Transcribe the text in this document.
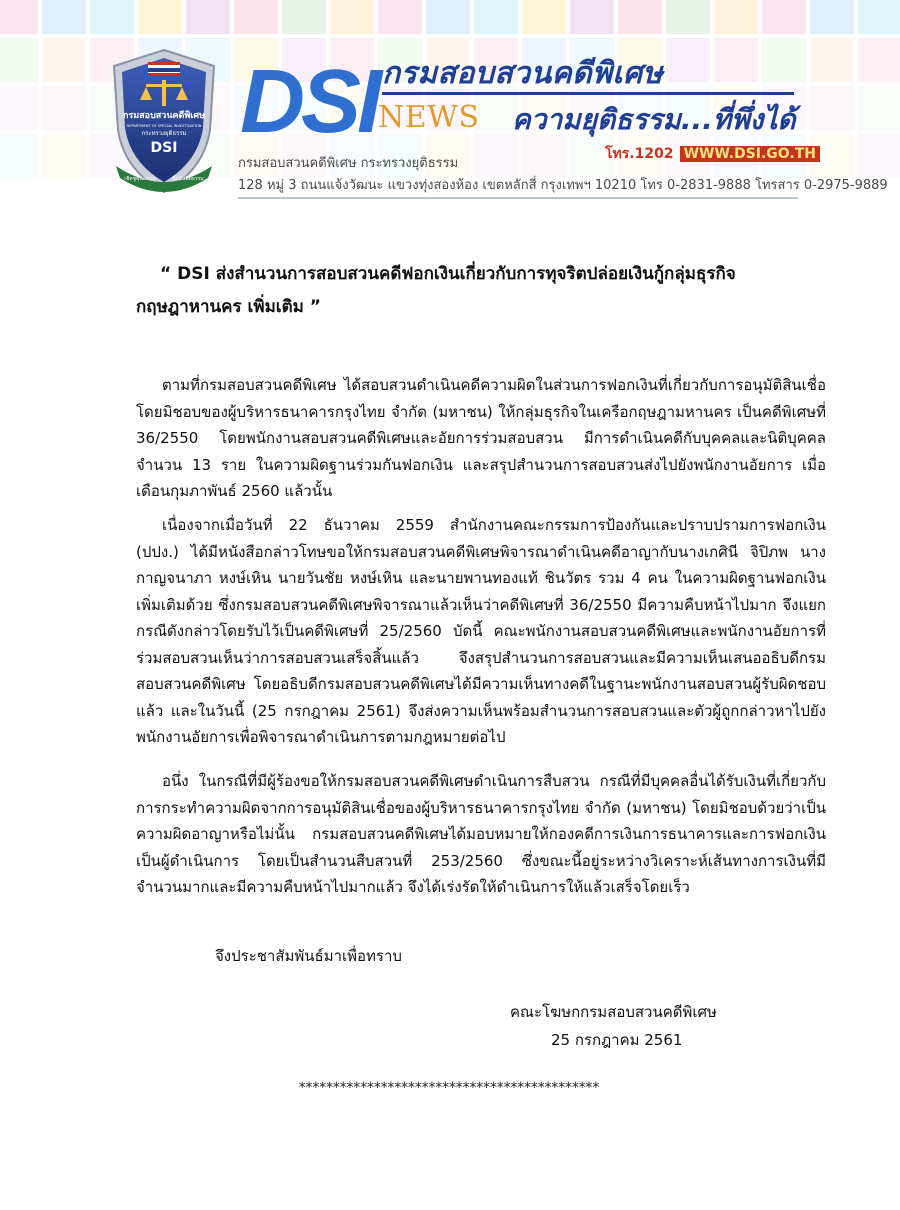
กรมสอบสวนคดีพิเศษ
DEPARTMENT OF SPECIAL INVESTIGATION
กระทรวงยุติธรรม
DSI
เชิดชูคุณธรรม	ยึดมั่นนิติธรรม
DSI กรมสอบสวนคดีพิเศษ
NEWS ความยุติธรรม...ที่พึ่งได้
โทร.1202 WWW.DSI.GO.TH
กรมสอบสวนคดีพิเศษ กระทรวงยุติธรรม
128 หมู่ 3 ถนนแจ้งวัฒนะ แขวงทุ่งสองห้อง เขตหลักสี่ กรุงเทพฯ 10210 โทร 0-2831-9888 โทรสาร 0-2975-9889
“ DSI ส่งสำนวนการสอบสวนคดีฟอกเงินเกี่ยวกับการทุจริตปล่อยเงินกู้กลุ่มธุรกิจ
กฤษฎาหานคร เพิ่มเติม ”
ตามที่กรมสอบสวนคดีพิเศษ ได้สอบสวนดำเนินคดีความผิดในส่วนการฟอกเงินที่เกี่ยวกับการอนุมัติสินเชื่อโดยมิชอบของผู้บริหารธนาคารกรุงไทย จำกัด (มหาชน) ให้กลุ่มธุรกิจในเครือกฤษฎามหานคร เป็นคดีพิเศษที่ 36/2550 โดยพนักงานสอบสวนคดีพิเศษและอัยการร่วมสอบสวน มีการดำเนินคดีกับบุคคลและนิติบุคคล จำนวน 13 ราย ในความผิดฐานร่วมกันฟอกเงิน และสรุปสำนวนการสอบสวนส่งไปยังพนักงานอัยการ เมื่อเดือนกุมภาพันธ์ 2560 แล้วนั้น
เนื่องจากเมื่อวันที่ 22 ธันวาคม 2559 สำนักงานคณะกรรมการป้องกันและปราบปรามการฟอกเงิน (ปปง.) ได้มีหนังสือกล่าวโทษขอให้กรมสอบสวนคดีพิเศษพิจารณาดำเนินคดีอาญากับนางเกศินี จิปิภพ นางกาญจนาภา หงษ์เหิน นายวันชัย หงษ์เหิน และนายพานทองแท้ ชินวัตร รวม 4 คน ในความผิดฐานฟอกเงิน เพิ่มเติมด้วย ซึ่งกรมสอบสวนคดีพิเศษพิจารณาแล้วเห็นว่าคดีพิเศษที่ 36/2550 มีความคืบหน้าไปมาก จึงแยกกรณีดังกล่าวโดยรับไว้เป็นคดีพิเศษที่ 25/2560 บัดนี้ คณะพนักงานสอบสวนคดีพิเศษและพนักงานอัยการที่ร่วมสอบสวนเห็นว่าการสอบสวนเสร็จสิ้นแล้ว จึงสรุปสำนวนการสอบสวนและมีความเห็นเสนออธิบดีกรมสอบสวนคดีพิเศษ โดยอธิบดีกรมสอบสวนคดีพิเศษได้มีความเห็นทางคดีในฐานะพนักงานสอบสวนผู้รับผิดชอบแล้ว และในวันนี้ (25 กรกฎาคม 2561) จึงส่งความเห็นพร้อมสำนวนการสอบสวนและตัวผู้ถูกกล่าวหาไปยังพนักงานอัยการเพื่อพิจารณาดำเนินการตามกฎหมายต่อไป
อนึ่ง ในกรณีที่มีผู้ร้องขอให้กรมสอบสวนคดีพิเศษดำเนินการสืบสวน กรณีที่มีบุคคลอื่นได้รับเงินที่เกี่ยวกับการกระทำความผิดจากการอนุมัติสินเชื่อของผู้บริหารธนาคารกรุงไทย จำกัด (มหาชน) โดยมิชอบด้วยว่าเป็นความผิดอาญาหรือไม่นั้น กรมสอบสวนคดีพิเศษได้มอบหมายให้กองคดีการเงินการธนาคารและการฟอกเงิน เป็นผู้ดำเนินการ โดยเป็นสำนวนสืบสวนที่ 253/2560 ซึ่งขณะนี้อยู่ระหว่างวิเคราะห์เส้นทางการเงินที่มีจำนวนมากและมีความคืบหน้าไปมากแล้ว จึงได้เร่งรัดให้ดำเนินการให้แล้วเสร็จโดยเร็ว
จึงประชาสัมพันธ์มาเพื่อทราบ
คณะโฆษกกรมสอบสวนคดีพิเศษ
25 กรกฎาคม 2561
********************************************
